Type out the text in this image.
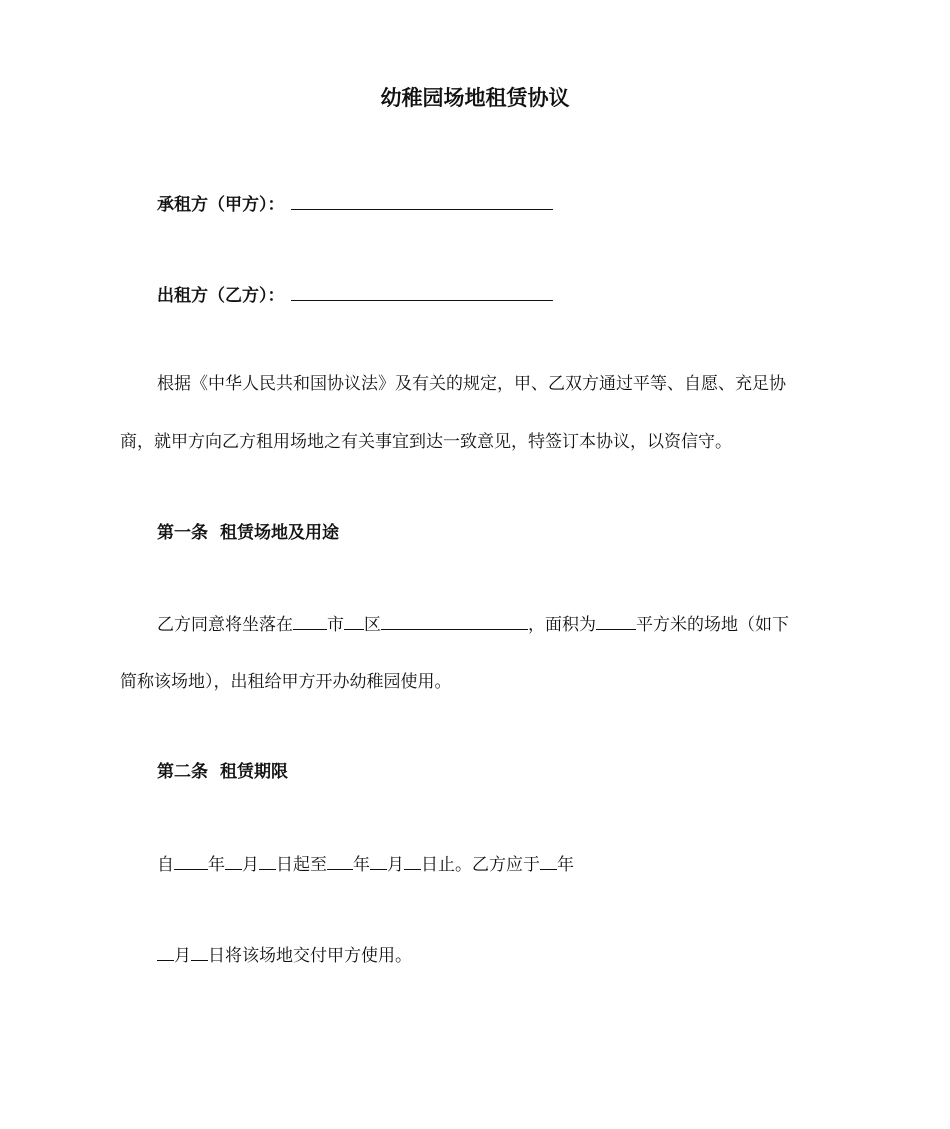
幼稚园场地租赁协议
承租方（甲方）：
出租方（乙方）：
根据《中华人民共和国协议法》及有关的规定，甲、乙双方通过平等、自愿、充足协
商，就甲方向乙方租用场地之有关事宜到达一致意见，特签订本协议，以资信守。
第一条 租赁场地及用途
乙方同意将坐落在 市 区	，面积为 平方米的场地（如下
简称该场地），出租给甲方开办幼稚园使用。
第二条 租赁期限
自 年 月 日起至 年 月 日止。乙方应于 年
月 日将该场地交付甲方使用。
